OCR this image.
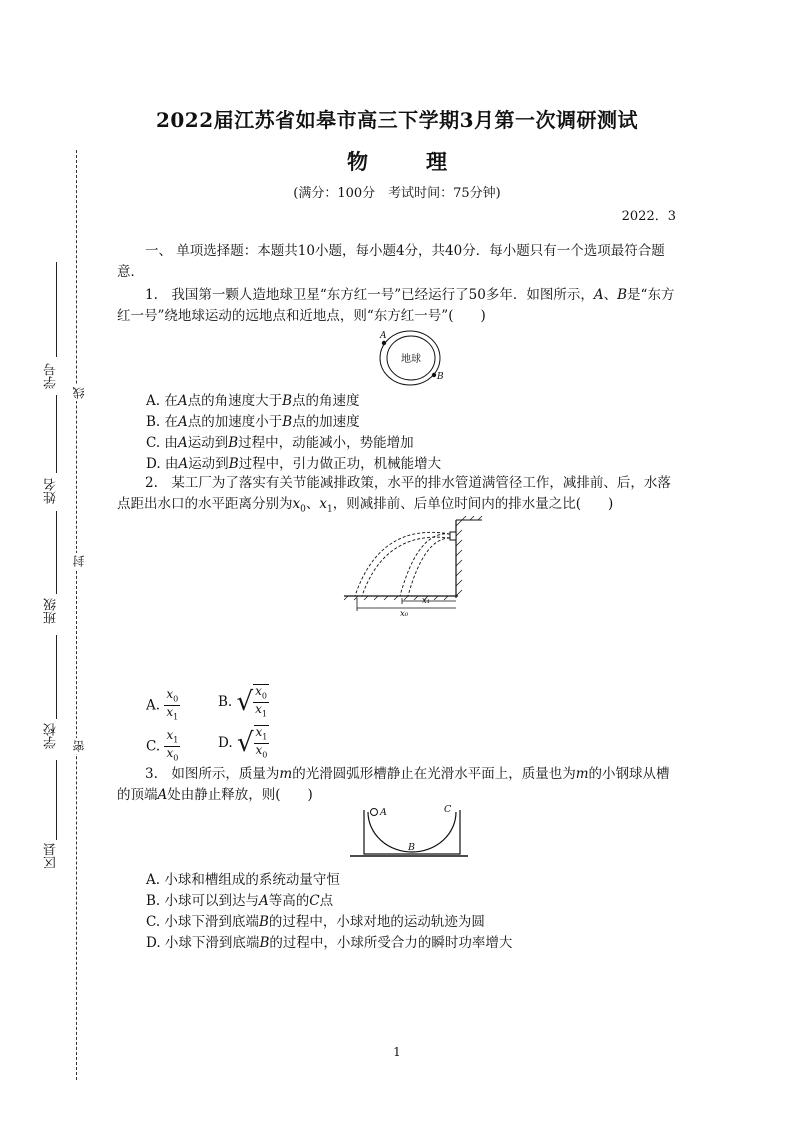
学号
姓名
班级
学校
区县
线
封
密
2022届江苏省如皋市高三下学期3月第一次调研测试
物	理
(满分：100分　考试时间：75分钟)
2022．3
一、 单项选择题：本题共10小题，每小题4分，共40分．每小题只有一个选项最符合题意．
1.　我国第一颗人造地球卫星“东方红一号”已经运行了50多年．如图所示，A、B是“东方红一号”绕地球运动的远地点和近地点，则“东方红一号”(　　)
地球
A
B
A. 在A点的角速度大于B点的角速度
B. 在A点的加速度小于B点的加速度
C. 由A运动到B过程中，动能减小，势能增加
D. 由A运动到B过程中，引力做正功，机械能增大
2.　某工厂为了落实有关节能减排政策，水平的排水管道满管径工作，减排前、后，水落点距出水口的水平距离分别为$x_0$、$x_1$，则减排前、后单位时间内的排水量之比(　　)
x₁
x₀
A. $\frac{x_0}{x_1}$	B. √ $\frac{x_0}{x_1}$
C. $\frac{x_1}{x_0}$	D. √ $\frac{x_1}{x_0}$
3.　如图所示，质量为m的光滑圆弧形槽静止在光滑水平面上，质量也为m的小钢球从槽的顶端A处由静止释放，则(　　)
A	C
B
A. 小球和槽组成的系统动量守恒
B. 小球可以到达与A等高的C点
C. 小球下滑到底端B的过程中，小球对地的运动轨迹为圆
D. 小球下滑到底端B的过程中，小球所受合力的瞬时功率增大
1
